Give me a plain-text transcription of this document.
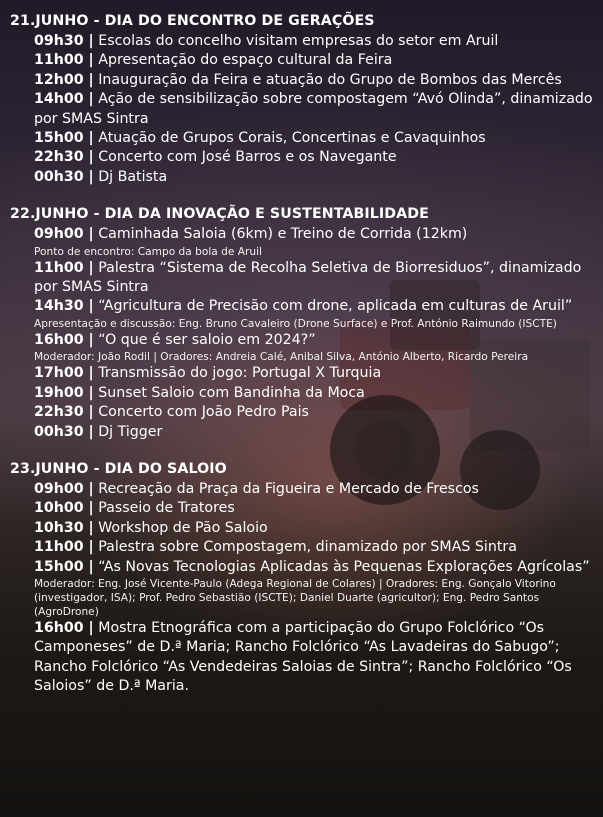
21.JUNHO - DIA DO ENCONTRO DE GERAÇÕES
09h30 | Escolas do concelho visitam empresas do setor em Aruil
11h00 | Apresentação do espaço cultural da Feira
12h00 | Inauguração da Feira e atuação do Grupo de Bombos das Mercês
14h00 | Ação de sensibilização sobre compostagem “Avó Olinda”, dinamizado por SMAS Sintra
15h00 | Atuação de Grupos Corais, Concertinas e Cavaquinhos
22h30 | Concerto com José Barros e os Navegante
00h30 | Dj Batista
22.JUNHO - DIA DA INOVAÇÃO E SUSTENTABILIDADE
09h00 | Caminhada Saloia (6km) e Treino de Corrida (12km)
Ponto de encontro: Campo da bola de Aruil
11h00 | Palestra “Sistema de Recolha Seletiva de Biorresiduos”, dinamizado por SMAS Sintra
14h30 | “Agricultura de Precisão com drone, aplicada em culturas de Aruil”
Apresentação e discussão: Eng. Bruno Cavaleiro (Drone Surface) e Prof. António Raimundo (ISCTE)
16h00 | “O que é ser saloio em 2024?”
Moderador: João Rodil | Oradores: Andreia Calé, Anibal Silva, António Alberto, Ricardo Pereira
17h00 | Transmissão do jogo: Portugal X Turquia
19h00 | Sunset Saloio com Bandinha da Moca
22h30 | Concerto com João Pedro Pais
00h30 | Dj Tigger
23.JUNHO - DIA DO SALOIO
09h00 | Recreação da Praça da Figueira e Mercado de Frescos
10h00 | Passeio de Tratores
10h30 | Workshop de Pão Saloio
11h00 | Palestra sobre Compostagem, dinamizado por SMAS Sintra
15h00 | “As Novas Tecnologias Aplicadas às Pequenas Explorações Agrícolas”
Moderador: Eng. José Vicente-Paulo (Adega Regional de Colares) | Oradores: Eng. Gonçalo Vitorino (investigador, ISA); Prof. Pedro Sebastião (ISCTE); Daniel Duarte (agricultor); Eng. Pedro Santos (AgroDrone)
16h00 | Mostra Etnográfica com a participação do Grupo Folclórico “Os Camponeses” de D.ª Maria; Rancho Folclórico “As Lavadeiras do Sabugo”; Rancho Folclórico “As Vendedeiras Saloias de Sintra”; Rancho Folclórico “Os Saloios” de D.ª Maria.
